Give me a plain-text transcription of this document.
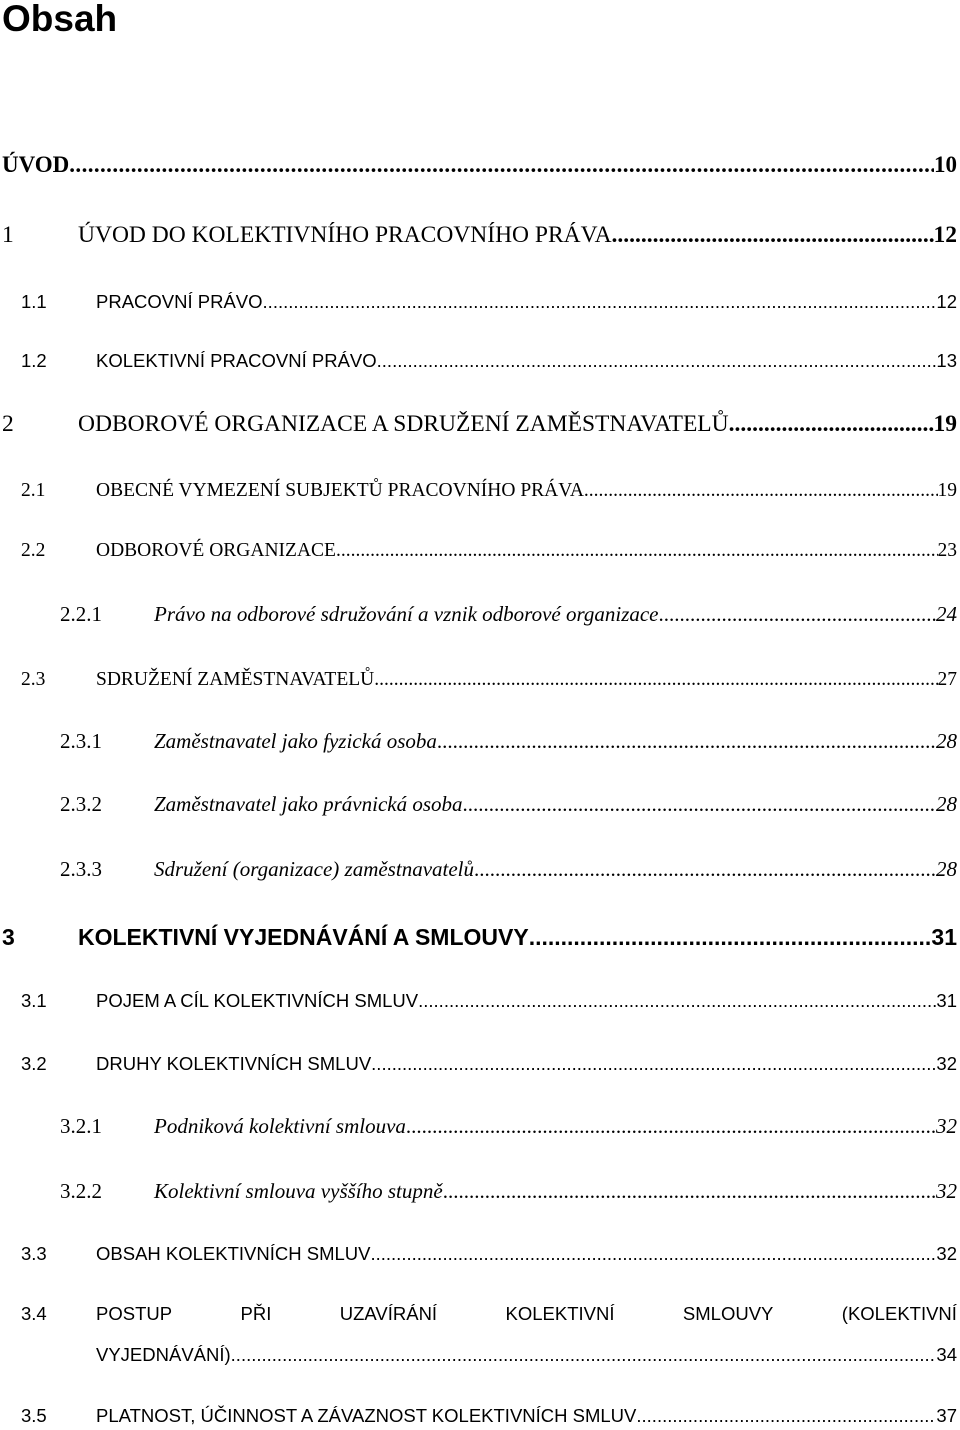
Obsah
ÚVOD .....	10
1	ÚVOD DO KOLEKTIVNÍHO PRACOVNÍHO PRÁVA .....	12
1.1	PRACOVNÍ PRÁVO .....	12
1.2	KOLEKTIVNÍ PRACOVNÍ PRÁVO .....	13
2	ODBOROVÉ ORGANIZACE A SDRUŽENÍ ZAMĚSTNAVATELŮ .....	19
2.1	OBECNÉ VYMEZENÍ SUBJEKTŮ PRACOVNÍHO PRÁVA .....	19
2.2	ODBOROVÉ ORGANIZACE .....	23
2.2.1	Právo na odborové sdružování a vznik odborové organizace .....	24
2.3	SDRUŽENÍ ZAMĚSTNAVATELŮ .....	27
2.3.1	Zaměstnavatel jako fyzická osoba .....	28
2.3.2	Zaměstnavatel jako právnická osoba .....	28
2.3.3	Sdružení (organizace) zaměstnavatelů .....	28
3	KOLEKTIVNÍ VYJEDNÁVÁNÍ A SMLOUVY .....	31
3.1	POJEM A CÍL KOLEKTIVNÍCH SMLUV .....	31
3.2	DRUHY KOLEKTIVNÍCH SMLUV .....	32
3.2.1	Podniková kolektivní smlouva .....	32
3.2.2	Kolektivní smlouva vyššího stupně .....	32
3.3	OBSAH KOLEKTIVNÍCH SMLUV .....	32
3.4	POSTUP	PŘI	UZAVÍRÁNÍ	KOLEKTIVNÍ	SMLOUVY	(KOLEKTIVNÍ
VYJEDNÁVÁNÍ) .....	34
3.5	PLATNOST, ÚČINNOST A ZÁVAZNOST KOLEKTIVNÍCH SMLUV .....	37
